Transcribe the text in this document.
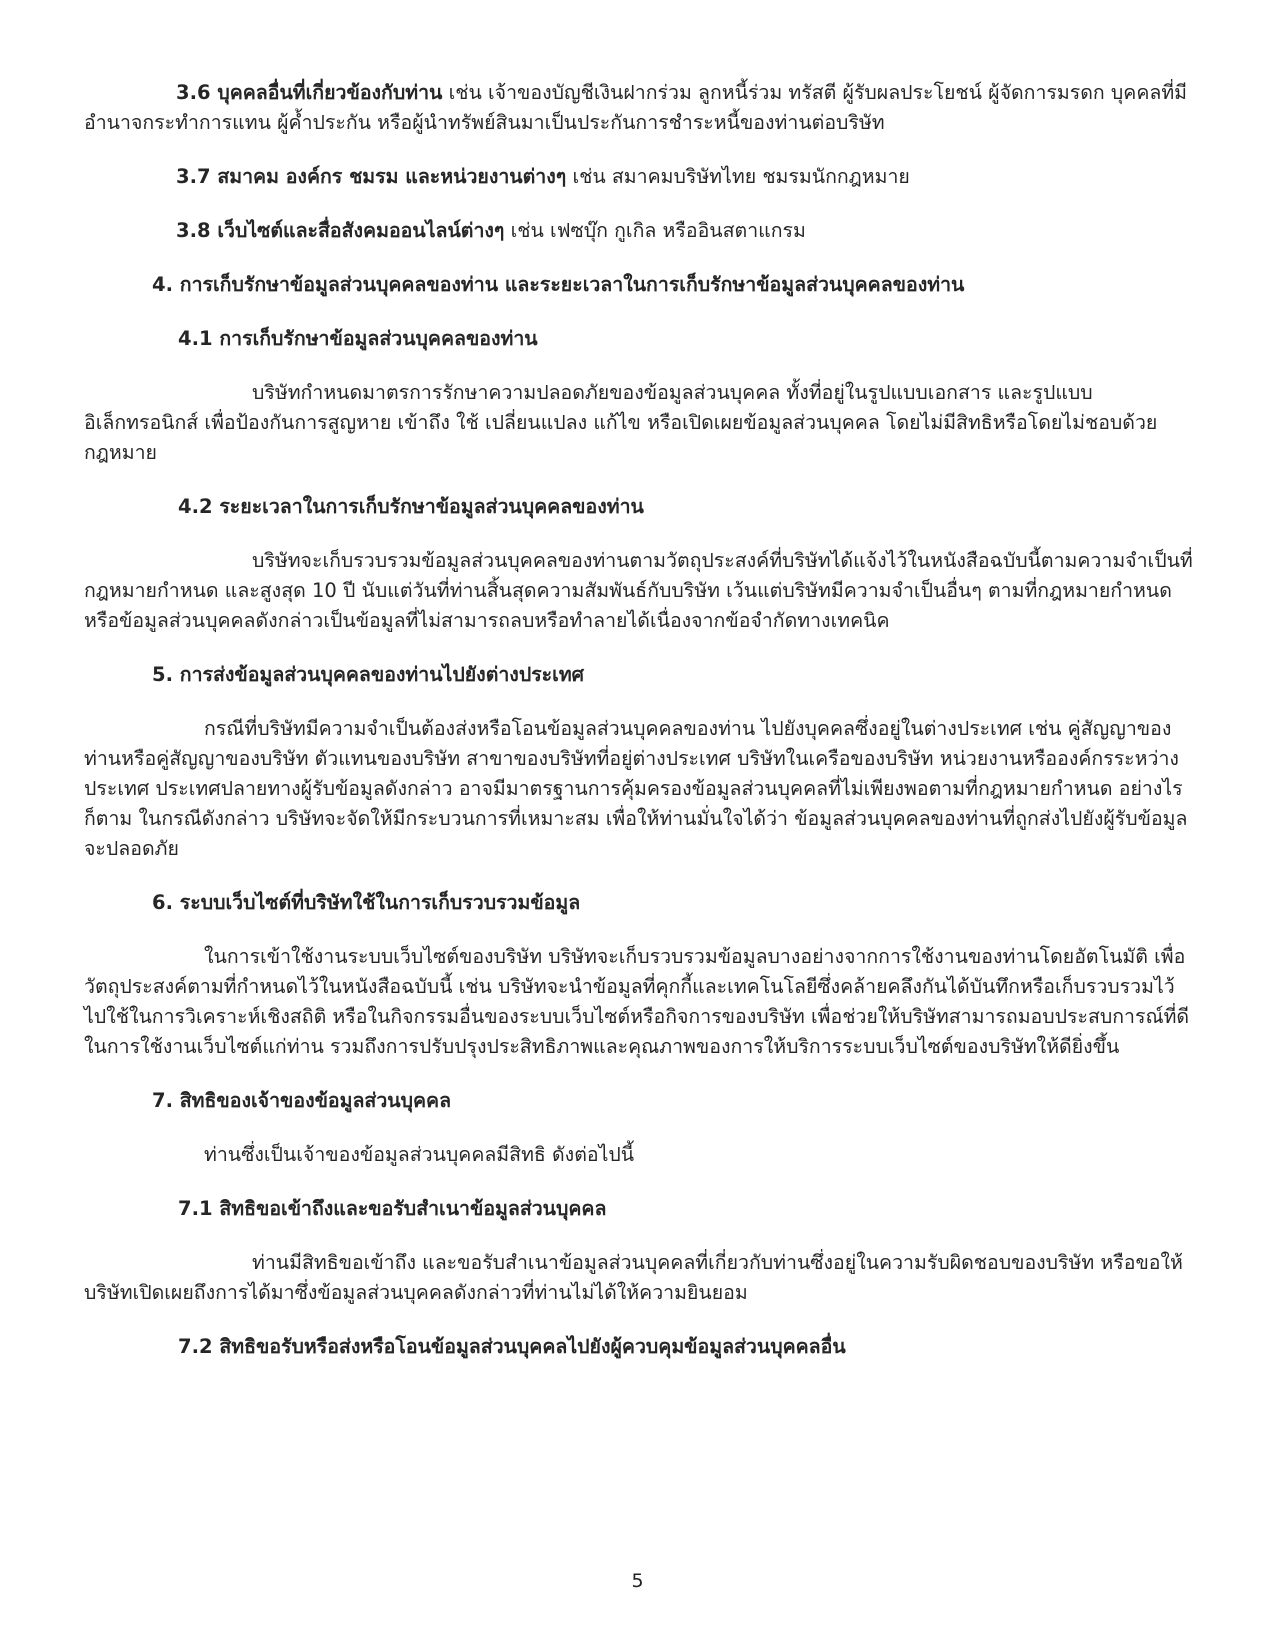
3.6 บุคคลอื่นที่เกี่ยวข้องกับท่าน เช่น เจ้าของบัญชีเงินฝากร่วม ลูกหนี้ร่วม ทรัสตี ผู้รับผลประโยชน์ ผู้จัดการมรดก บุคคลที่มีอำนาจกระทำการแทน ผู้ค้ำประกัน หรือผู้นำทรัพย์สินมาเป็นประกันการชำระหนี้ของท่านต่อบริษัท

3.7 สมาคม องค์กร ชมรม และหน่วยงานต่างๆ เช่น สมาคมบริษัทไทย ชมรมนักกฎหมาย

3.8 เว็บไซต์และสื่อสังคมออนไลน์ต่างๆ เช่น เฟซบุ๊ก กูเกิล หรืออินสตาแกรม

4. การเก็บรักษาข้อมูลส่วนบุคคลของท่าน และระยะเวลาในการเก็บรักษาข้อมูลส่วนบุคคลของท่าน
4.1 การเก็บรักษาข้อมูลส่วนบุคคลของท่าน

บริษัทกำหนดมาตรการรักษาความปลอดภัยของข้อมูลส่วนบุคคล ทั้งที่อยู่ในรูปแบบเอกสาร และรูปแบบอิเล็กทรอนิกส์ เพื่อป้องกันการสูญหาย เข้าถึง ใช้ เปลี่ยนแปลง แก้ไข หรือเปิดเผยข้อมูลส่วนบุคคล โดยไม่มีสิทธิหรือโดยไม่ชอบด้วยกฎหมาย

4.2 ระยะเวลาในการเก็บรักษาข้อมูลส่วนบุคคลของท่าน

บริษัทจะเก็บรวบรวมข้อมูลส่วนบุคคลของท่านตามวัตถุประสงค์ที่บริษัทได้แจ้งไว้ในหนังสือฉบับนี้ตามความจำเป็นที่กฎหมายกำหนด และสูงสุด 10 ปี นับแต่วันที่ท่านสิ้นสุดความสัมพันธ์กับบริษัท เว้นแต่บริษัทมีความจำเป็นอื่นๆ ตามที่กฎหมายกำหนด หรือข้อมูลส่วนบุคคลดังกล่าวเป็นข้อมูลที่ไม่สามารถลบหรือทำลายได้เนื่องจากข้อจำกัดทางเทคนิค

5. การส่งข้อมูลส่วนบุคคลของท่านไปยังต่างประเทศ

กรณีที่บริษัทมีความจำเป็นต้องส่งหรือโอนข้อมูลส่วนบุคคลของท่าน ไปยังบุคคลซึ่งอยู่ในต่างประเทศ เช่น คู่สัญญาของท่านหรือคู่สัญญาของบริษัท ตัวแทนของบริษัท สาขาของบริษัทที่อยู่ต่างประเทศ บริษัทในเครือของบริษัท หน่วยงานหรือองค์กรระหว่างประเทศ ประเทศปลายทางผู้รับข้อมูลดังกล่าว อาจมีมาตรฐานการคุ้มครองข้อมูลส่วนบุคคลที่ไม่เพียงพอตามที่กฎหมายกำหนด อย่างไรก็ตาม ในกรณีดังกล่าว บริษัทจะจัดให้มีกระบวนการที่เหมาะสม เพื่อให้ท่านมั่นใจได้ว่า ข้อมูลส่วนบุคคลของท่านที่ถูกส่งไปยังผู้รับข้อมูลจะปลอดภัย

6. ระบบเว็บไซต์ที่บริษัทใช้ในการเก็บรวบรวมข้อมูล

ในการเข้าใช้งานระบบเว็บไซต์ของบริษัท บริษัทจะเก็บรวบรวมข้อมูลบางอย่างจากการใช้งานของท่านโดยอัตโนมัติ เพื่อวัตถุประสงค์ตามที่กำหนดไว้ในหนังสือฉบับนี้ เช่น บริษัทจะนำข้อมูลที่คุกกี้และเทคโนโลยีซึ่งคล้ายคลึงกันได้บันทึกหรือเก็บรวบรวมไว้ ไปใช้ในการวิเคราะห์เชิงสถิติ หรือในกิจกรรมอื่นของระบบเว็บไซต์หรือกิจการของบริษัท เพื่อช่วยให้บริษัทสามารถมอบประสบการณ์ที่ดีในการใช้งานเว็บไซต์แก่ท่าน รวมถึงการปรับปรุงประสิทธิภาพและคุณภาพของการให้บริการระบบเว็บไซต์ของบริษัทให้ดียิ่งขึ้น

7. สิทธิของเจ้าของข้อมูลส่วนบุคคล

ท่านซึ่งเป็นเจ้าของข้อมูลส่วนบุคคลมีสิทธิ ดังต่อไปนี้

7.1 สิทธิขอเข้าถึงและขอรับสำเนาข้อมูลส่วนบุคคล

ท่านมีสิทธิขอเข้าถึง และขอรับสำเนาข้อมูลส่วนบุคคลที่เกี่ยวกับท่านซึ่งอยู่ในความรับผิดชอบของบริษัท หรือขอให้บริษัทเปิดเผยถึงการได้มาซึ่งข้อมูลส่วนบุคคลดังกล่าวที่ท่านไม่ได้ให้ความยินยอม

7.2 สิทธิขอรับหรือส่งหรือโอนข้อมูลส่วนบุคคลไปยังผู้ควบคุมข้อมูลส่วนบุคคลอื่น
5
